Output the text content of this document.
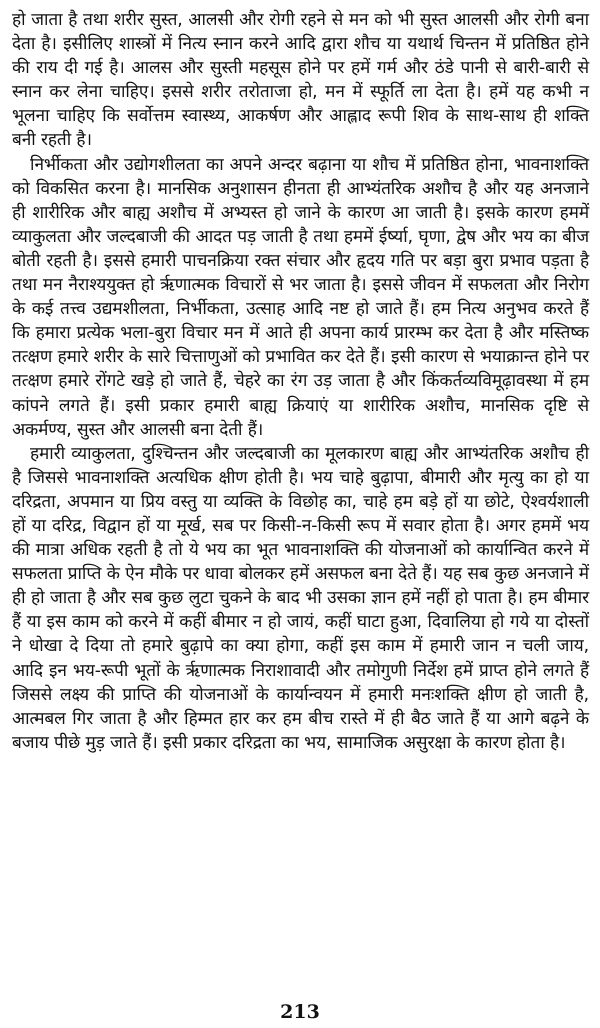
हो जाता है तथा शरीर सुस्त, आलसी और रोगी रहने से मन को भी सुस्त आलसी और रोगी बना देता है। इसीलिए शास्त्रों में नित्य स्नान करने आदि द्वारा शौच या यथार्थ चिन्तन में प्रतिष्ठित होने की राय दी गई है। आलस और सुस्ती महसूस होने पर हमें गर्म और ठंडे पानी से बारी-बारी से स्नान कर लेना चाहिए। इससे शरीर तरोताजा हो, मन में स्फूर्ति ला देता है। हमें यह कभी न भूलना चाहिए कि सर्वोत्तम स्वास्थ्य, आकर्षण और आह्लाद रूपी शिव के साथ-साथ ही शक्ति बनी रहती है।

निर्भीकता और उद्योगशीलता का अपने अन्दर बढ़ाना या शौच में प्रतिष्ठित होना, भावनाशक्ति को विकसित करना है। मानसिक अनुशासन हीनता ही आभ्यंतरिक अशौच है और यह अनजाने ही शारीरिक और बाह्य अशौच में अभ्यस्त हो जाने के कारण आ जाती है। इसके कारण हममें व्याकुलता और जल्दबाजी की आदत पड़ जाती है तथा हममें ईर्ष्या, घृणा, द्वेष और भय का बीज बोती रहती है। इससे हमारी पाचनक्रिया रक्त संचार और हृदय गति पर बड़ा बुरा प्रभाव पड़ता है तथा मन नैराश्ययुक्त हो ऋृणात्मक विचारों से भर जाता है। इससे जीवन में सफलता और निरोग के कई तत्त्व उद्यमशीलता, निर्भीकता, उत्साह आदि नष्ट हो जाते हैं। हम नित्य अनुभव करते हैं कि हमारा प्रत्येक भला-बुरा विचार मन में आते ही अपना कार्य प्रारम्भ कर देता है और मस्तिष्क तत्क्षण हमारे शरीर के सारे चित्ताणुओं को प्रभावित कर देते हैं। इसी कारण से भयाक्रान्त होने पर तत्क्षण हमारे रोंगटे खड़े हो जाते हैं, चेहरे का रंग उड़ जाता है और किंकर्तव्यविमूढ़ावस्था में हम कांपने लगते हैं। इसी प्रकार हमारी बाह्य क्रियाएं या शारीरिक अशौच, मानसिक दृष्टि से अकर्मण्य, सुस्त और आलसी बना देती हैं।

हमारी व्याकुलता, दुश्चिन्तन और जल्दबाजी का मूलकारण बाह्य और आभ्यंतरिक अशौच ही है जिससे भावनाशक्ति अत्यधिक क्षीण होती है। भय चाहे बुढ़ापा, बीमारी और मृत्यु का हो या दरिद्रता, अपमान या प्रिय वस्तु या व्यक्ति के विछोह का, चाहे हम बड़े हों या छोटे, ऐश्वर्यशाली हों या दरिद्र, विद्वान हों या मूर्ख, सब पर किसी-न-किसी रूप में सवार होता है। अगर हममें भय की मात्रा अधिक रहती है तो ये भय का भूत भावनाशक्ति की योजनाओं को कार्यान्वित करने में सफलता प्राप्ति के ऐन मौके पर धावा बोलकर हमें असफल बना देते हैं। यह सब कुछ अनजाने में ही हो जाता है और सब कुछ लुटा चुकने के बाद भी उसका ज्ञान हमें नहीं हो पाता है। हम बीमार हैं या इस काम को करने में कहीं बीमार न हो जायं, कहीं घाटा हुआ, दिवालिया हो गये या दोस्तों ने धोखा दे दिया तो हमारे बुढ़ापे का क्या होगा, कहीं इस काम में हमारी जान न चली जाय, आदि इन भय-रूपी भूतों के ऋृणात्मक निराशावादी और तमोगुणी निर्देश हमें प्राप्त होने लगते हैं जिससे लक्ष्य की प्राप्ति की योजनाओं के कार्यान्वयन में हमारी मनःशक्ति क्षीण हो जाती है, आत्मबल गिर जाता है और हिम्मत हार कर हम बीच रास्ते में ही बैठ जाते हैं या आगे बढ़ने के बजाय पीछे मुड़ जाते हैं। इसी प्रकार दरिद्रता का भय, सामाजिक असुरक्षा के कारण होता है।

213
